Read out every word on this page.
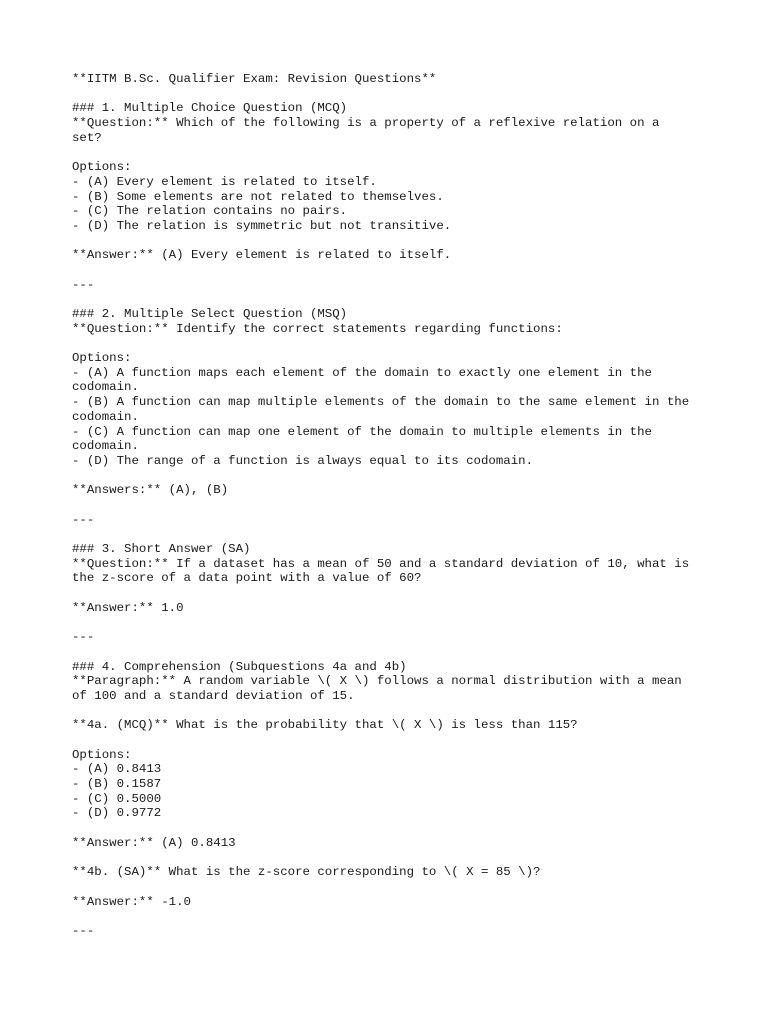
**IITM B.Sc. Qualifier Exam: Revision Questions**
### 1. Multiple Choice Question (MCQ)
**Question:** Which of the following is a property of a reflexive relation on a
set?
Options:
- (A) Every element is related to itself.
- (B) Some elements are not related to themselves.
- (C) The relation contains no pairs.
- (D) The relation is symmetric but not transitive.
**Answer:** (A) Every element is related to itself.
---
### 2. Multiple Select Question (MSQ)
**Question:** Identify the correct statements regarding functions:
Options:
- (A) A function maps each element of the domain to exactly one element in the
codomain.
- (B) A function can map multiple elements of the domain to the same element in the
codomain.
- (C) A function can map one element of the domain to multiple elements in the
codomain.
- (D) The range of a function is always equal to its codomain.
**Answers:** (A), (B)
---
### 3. Short Answer (SA)
**Question:** If a dataset has a mean of 50 and a standard deviation of 10, what is
the z-score of a data point with a value of 60?
**Answer:** 1.0
---
### 4. Comprehension (Subquestions 4a and 4b)
**Paragraph:** A random variable \( X \) follows a normal distribution with a mean
of 100 and a standard deviation of 15.
**4a. (MCQ)** What is the probability that \( X \) is less than 115?
Options:
- (A) 0.8413
- (B) 0.1587
- (C) 0.5000
- (D) 0.9772
**Answer:** (A) 0.8413
**4b. (SA)** What is the z-score corresponding to \( X = 85 \)?
**Answer:** -1.0
---
